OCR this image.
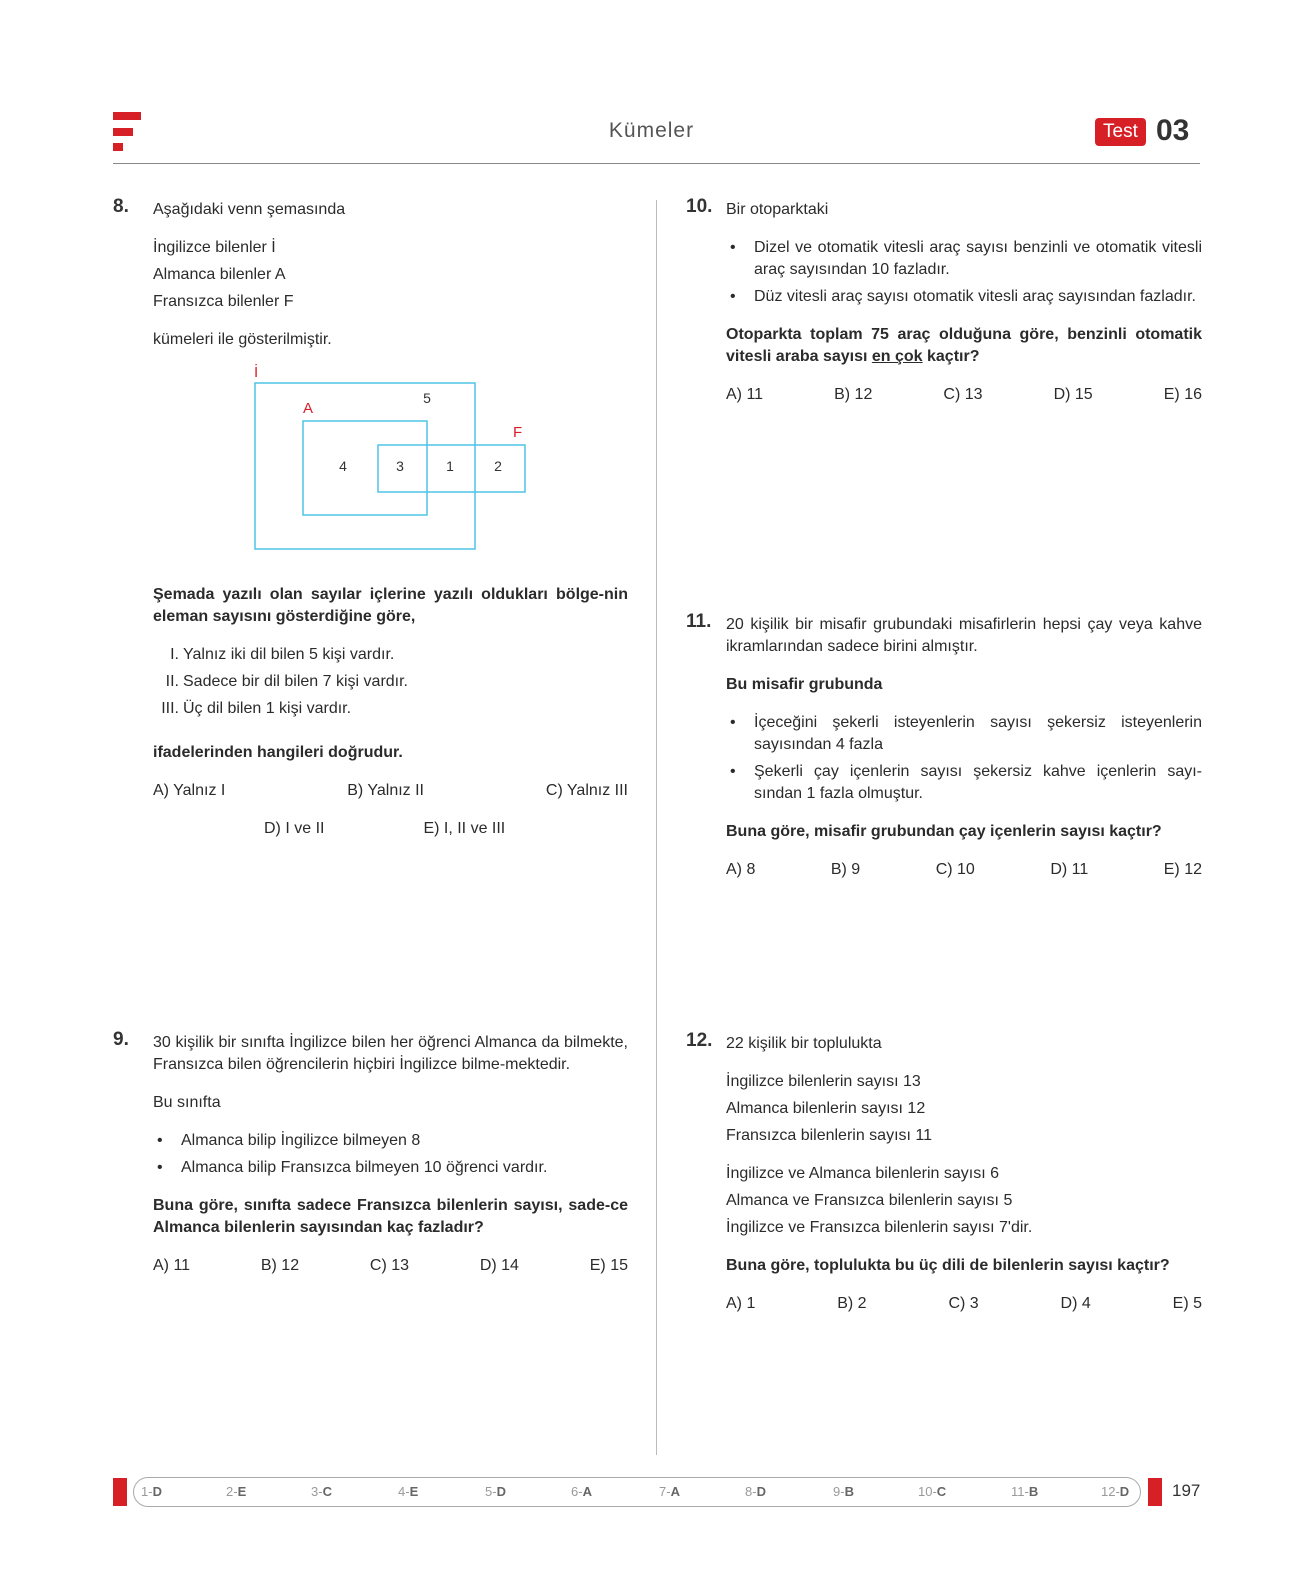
Kümeler	Test 03
8. Aşağıdaki venn şemasında
İngilizce bilenler İ
Almanca bilenler A
Fransızca bilenler F
kümeleri ile gösterilmiştir.
İ
A
F
5
4	3	1	2
Şemada yazılı olan sayılar içlerine yazılı oldukları bölge-nin eleman sayısını gösterdiğine göre,
I. Yalnız iki dil bilen 5 kişi vardır.
II. Sadece bir dil bilen 7 kişi vardır.
III. Üç dil bilen 1 kişi vardır.
ifadelerinden hangileri doğrudur.
A) Yalnız I	B) Yalnız II	C) Yalnız III
D) I ve II	E) I, II ve III
9. 30 kişilik bir sınıfta İngilizce bilen her öğrenci Almanca da bilmekte, Fransızca bilen öğrencilerin hiçbiri İngilizce bilme-mektedir.
Bu sınıfta
• Almanca bilip İngilizce bilmeyen 8
• Almanca bilip Fransızca bilmeyen 10 öğrenci vardır.
Buna göre, sınıfta sadece Fransızca bilenlerin sayısı, sade-ce Almanca bilenlerin sayısından kaç fazladır?
A) 11	B) 12	C) 13	D) 14	E) 15
10. Bir otoparktaki
• Dizel ve otomatik vitesli araç sayısı benzinli ve otomatik vitesli araç sayısından 10 fazladır.
• Düz vitesli araç sayısı otomatik vitesli araç sayısından fazladır.
Otoparkta toplam 75 araç olduğuna göre, benzinli otomatik vitesli araba sayısı en çok kaçtır?
A) 11	B) 12	C) 13	D) 15	E) 16
11. 20 kişilik bir misafir grubundaki misafirlerin hepsi çay veya kahve ikramlarından sadece birini almıştır.
Bu misafir grubunda
• İçeceğini şekerli isteyenlerin sayısı şekersiz isteyenlerin sayısından 4 fazla
• Şekerli çay içenlerin sayısı şekersiz kahve içenlerin sayı-sından 1 fazla olmuştur.
Buna göre, misafir grubundan çay içenlerin sayısı kaçtır?
A) 8	B) 9	C) 10	D) 11	E) 12
12. 22 kişilik bir toplulukta
İngilizce bilenlerin sayısı 13
Almanca bilenlerin sayısı 12
Fransızca bilenlerin sayısı 11
İngilizce ve Almanca bilenlerin sayısı 6
Almanca ve Fransızca bilenlerin sayısı 5
İngilizce ve Fransızca bilenlerin sayısı 7'dir.
Buna göre, toplulukta bu üç dili de bilenlerin sayısı kaçtır?
A) 1	B) 2	C) 3	D) 4	E) 5
1-D	2-E	3-C	4-E	5-D	6-A	7-A	8-D	9-B	10-C	11-B	12-D	197
